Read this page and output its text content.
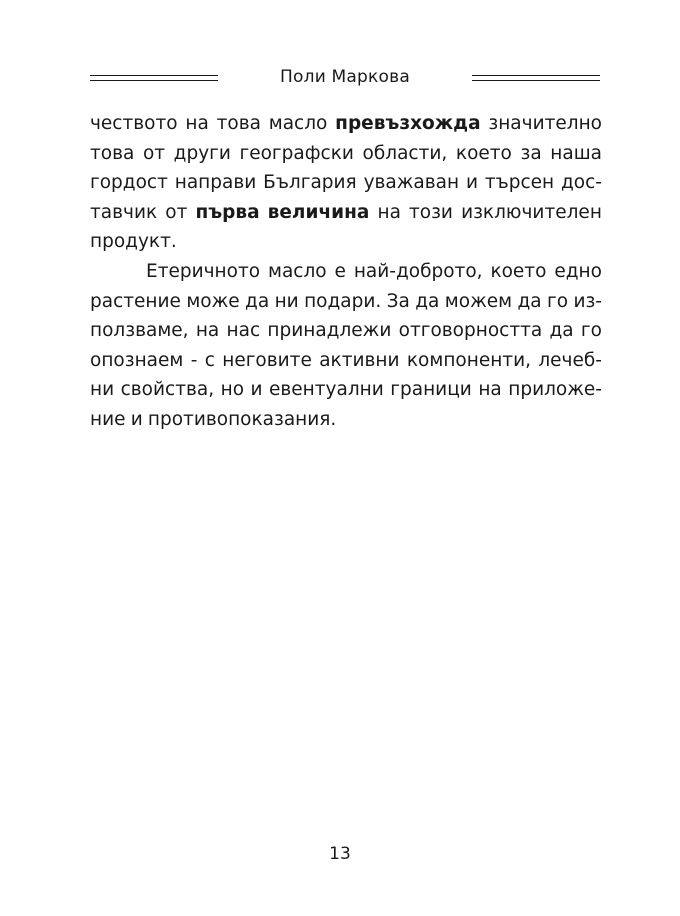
Поли Маркова
чеството на това масло превъзхожда значително
това от други географски области, което за наша
гордост направи България уважаван и търсен дос-
тавчик от първа величина на този изключителен
продукт.
Етеричното масло е най-доброто, което едно
растение може да ни подари. За да можем да го из-
ползваме, на нас принадлежи отговорността да го
опознаем - с неговите активни компоненти, лечеб-
ни свойства, но и евентуални граници на приложе-
ние и противопоказания.
13
